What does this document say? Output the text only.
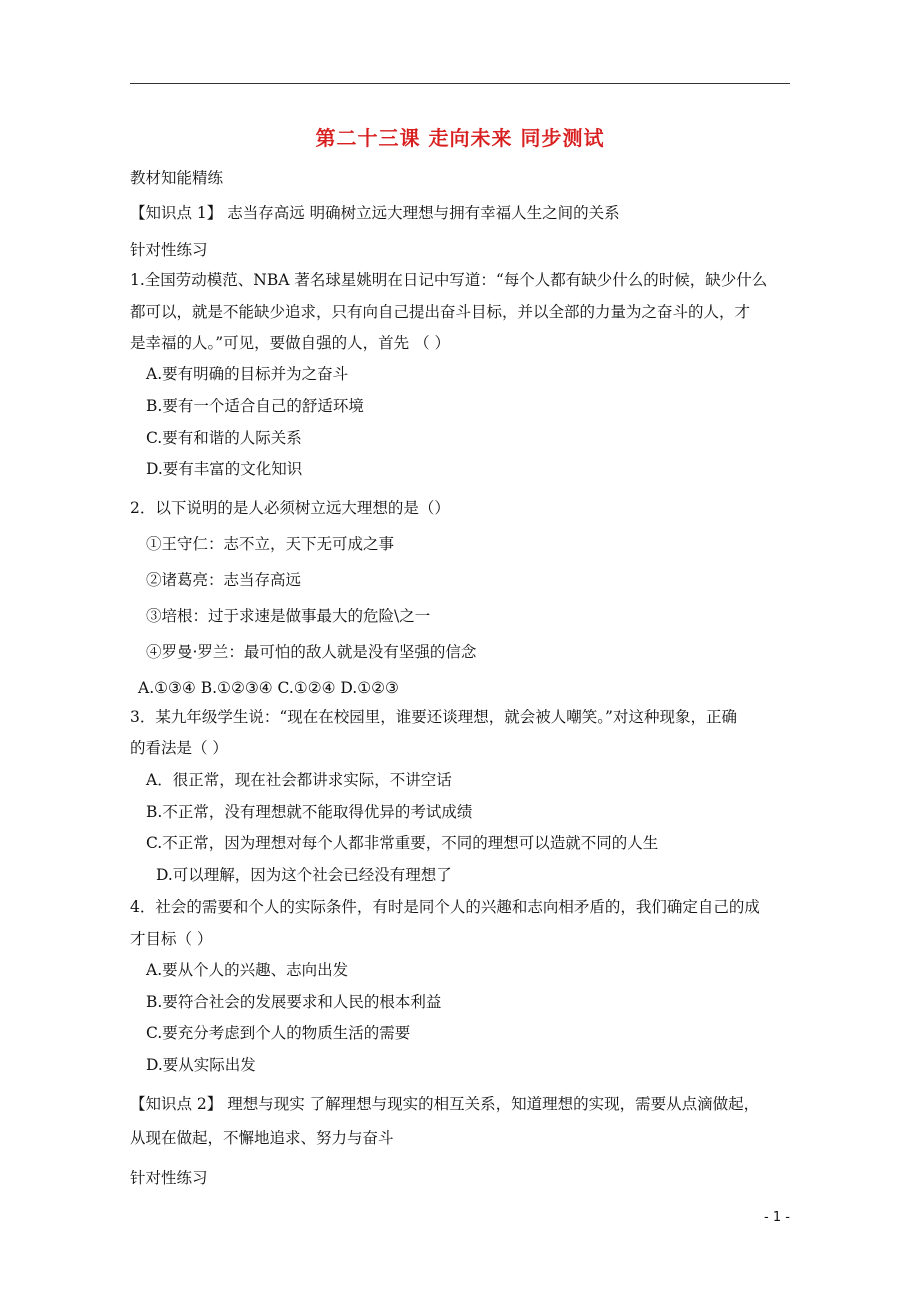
第二十三课 走向未来 同步测试
教材知能精练
【知识点 1】 志当存高远 明确树立远大理想与拥有幸福人生之间的关系
针对性练习
1.全国劳动模范、NBA 著名球星姚明在日记中写道：“每个人都有缺少什么的时候，缺少什么
都可以，就是不能缺少追求，只有向自己提出奋斗目标，并以全部的力量为之奋斗的人，才
是幸福的人。”可见，要做自强的人，首先 （ ）
A.要有明确的目标并为之奋斗
B.要有一个适合自己的舒适环境
C.要有和谐的人际关系
D.要有丰富的文化知识
2．以下说明的是人必须树立远大理想的是（）
①王守仁：志不立，天下无可成之事
②诸葛亮：志当存高远
③培根：过于求速是做事最大的危险\之一
④罗曼·罗兰：最可怕的敌人就是没有坚强的信念
A.①③④ B.①②③④ C.①②④ D.①②③
3．某九年级学生说：“现在在校园里，谁要还谈理想，就会被人嘲笑。”对这种现象，正确
的看法是（ ）
A．很正常，现在社会都讲求实际，不讲空话
B.不正常，没有理想就不能取得优异的考试成绩
C.不正常，因为理想对每个人都非常重要，不同的理想可以造就不同的人生
D.可以理解，因为这个社会已经没有理想了
4．社会的需要和个人的实际条件，有时是同个人的兴趣和志向相矛盾的，我们确定自己的成
才目标（ ）
A.要从个人的兴趣、志向出发
B.要符合社会的发展要求和人民的根本利益
C.要充分考虑到个人的物质生活的需要
D.要从实际出发
【知识点 2】 理想与现实 了解理想与现实的相互关系，知道理想的实现，需要从点滴做起，
从现在做起，不懈地追求、努力与奋斗
针对性练习
- 1 -
